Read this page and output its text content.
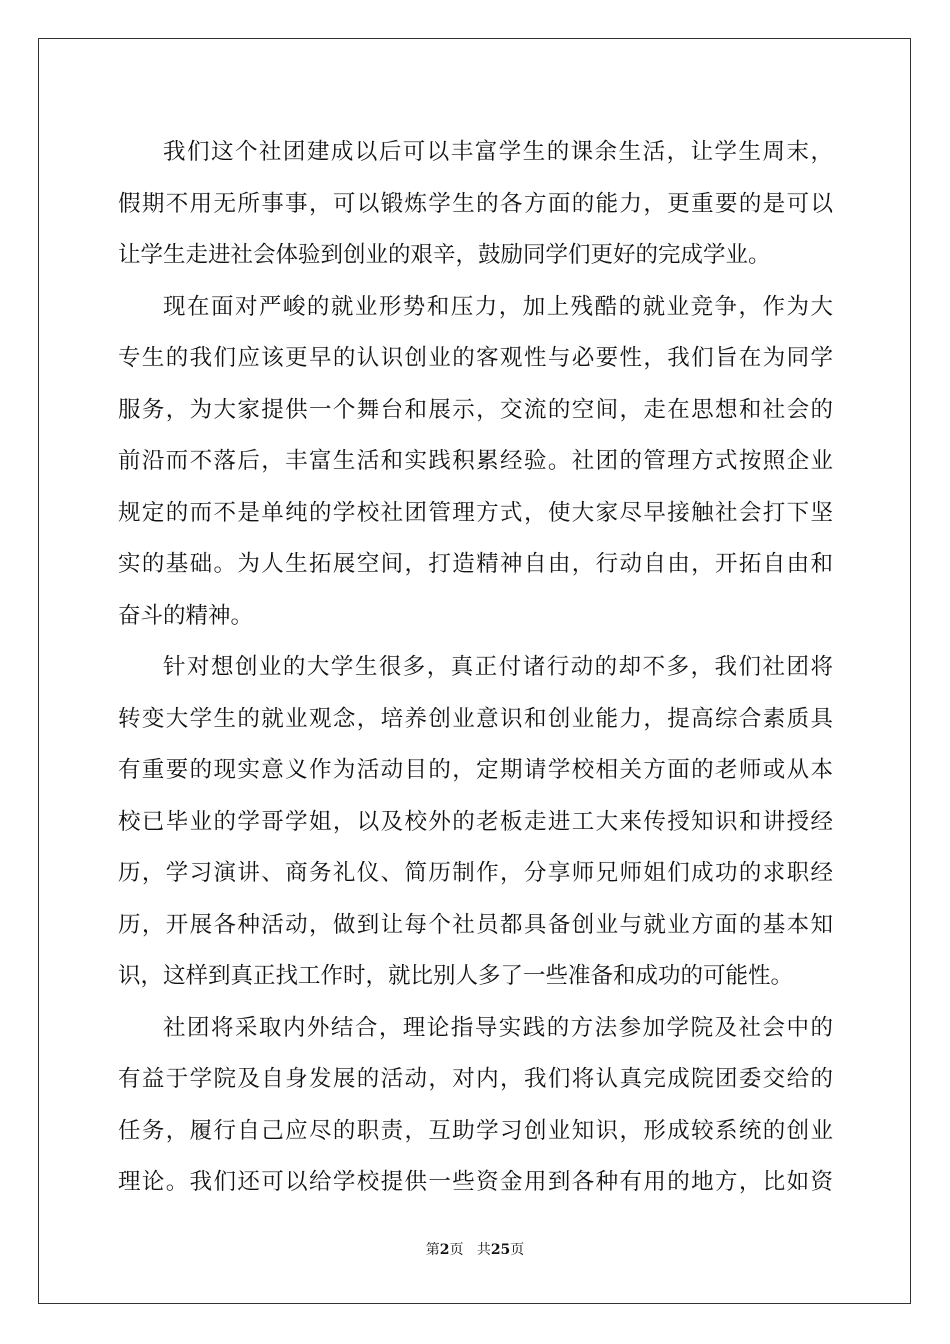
我们这个社团建成以后可以丰富学生的课余生活，让学生周末，
假期不用无所事事，可以锻炼学生的各方面的能力，更重要的是可以
让学生走进社会体验到创业的艰辛，鼓励同学们更好的完成学业。
现在面对严峻的就业形势和压力，加上残酷的就业竞争，作为大
专生的我们应该更早的认识创业的客观性与必要性，我们旨在为同学
服务，为大家提供一个舞台和展示，交流的空间，走在思想和社会的
前沿而不落后，丰富生活和实践积累经验。社团的管理方式按照企业
规定的而不是单纯的学校社团管理方式，使大家尽早接触社会打下坚
实的基础。为人生拓展空间，打造精神自由，行动自由，开拓自由和
奋斗的精神。
针对想创业的大学生很多，真正付诸行动的却不多，我们社团将
转变大学生的就业观念，培养创业意识和创业能力，提高综合素质具
有重要的现实意义作为活动目的，定期请学校相关方面的老师或从本
校已毕业的学哥学姐，以及校外的老板走进工大来传授知识和讲授经
历，学习演讲、商务礼仪、简历制作，分享师兄师姐们成功的求职经
历，开展各种活动，做到让每个社员都具备创业与就业方面的基本知
识，这样到真正找工作时，就比别人多了一些准备和成功的可能性。
社团将采取内外结合，理论指导实践的方法参加学院及社会中的
有益于学院及自身发展的活动，对内，我们将认真完成院团委交给的
任务，履行自己应尽的职责，互助学习创业知识，形成较系统的创业
理论。我们还可以给学校提供一些资金用到各种有用的地方，比如资
第2页 共25页
